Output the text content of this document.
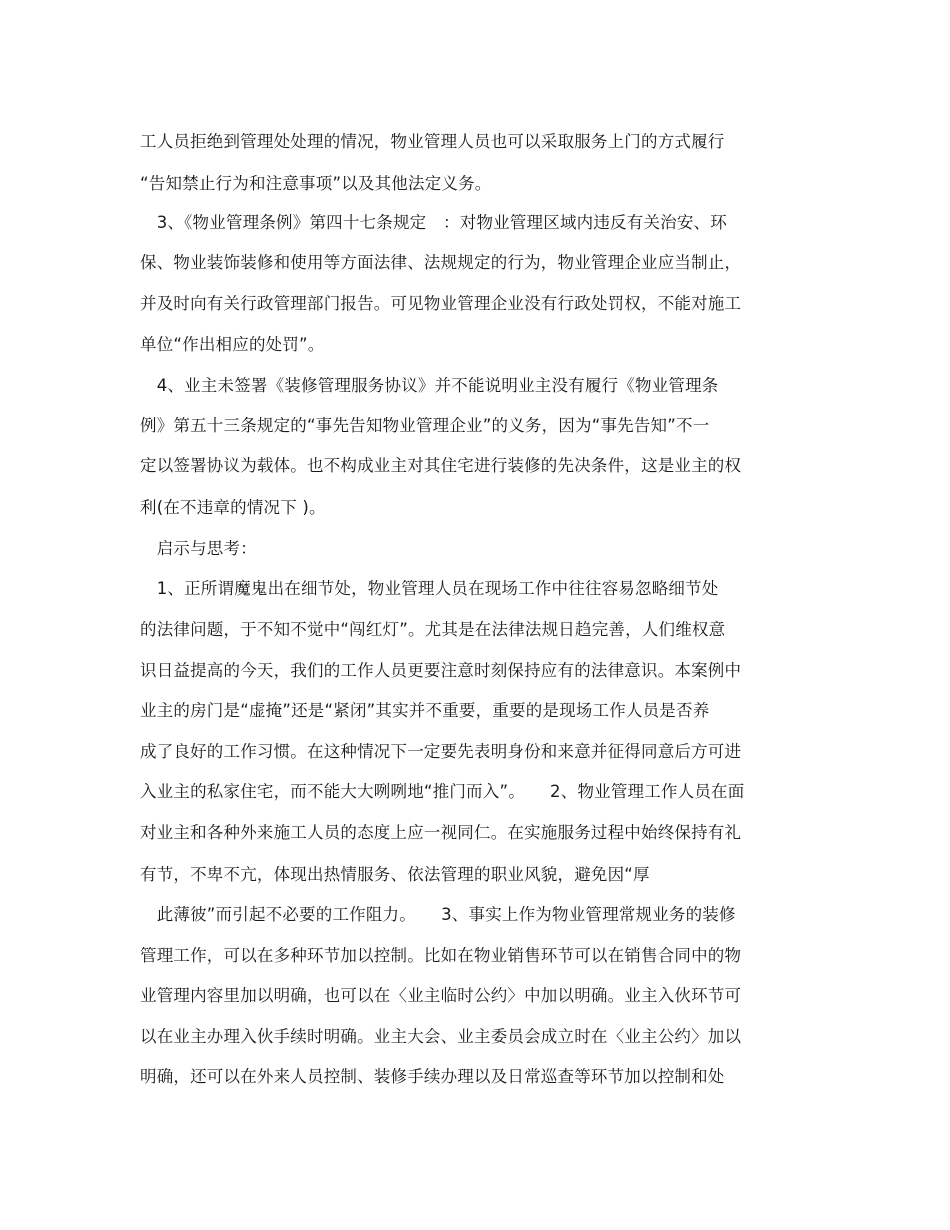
工人员拒绝到管理处处理的情况，物业管理人员也可以采取服务上门的方式履行
“告知禁止行为和注意事项”以及其他法定义务。
　3、《物业管理条例》第四十七条规定　：对物业管理区域内违反有关治安、环
保、物业装饰装修和使用等方面法律、法规规定的行为，物业管理企业应当制止，
并及时向有关行政管理部门报告。可见物业管理企业没有行政处罚权，不能对施工
单位“作出相应的处罚”。
　4、业主未签署《装修管理服务协议》并不能说明业主没有履行《物业管理条
例》第五十三条规定的“事先告知物业管理企业”的义务，因为“事先告知”不一
定以签署协议为载体。也不构成业主对其住宅进行装修的先决条件，这是业主的权
利(在不违章的情况下 )。
　启示与思考：
　1、正所谓魔鬼出在细节处，物业管理人员在现场工作中往往容易忽略细节处
的法律问题，于不知不觉中“闯红灯”。尤其是在法律法规日趋完善，人们维权意
识日益提高的今天，我们的工作人员更要注意时刻保持应有的法律意识。本案例中
业主的房门是“虚掩”还是“紧闭”其实并不重要，重要的是现场工作人员是否养
成了良好的工作习惯。在这种情况下一定要先表明身份和来意并征得同意后方可进
入业主的私家住宅，而不能大大咧咧地“推门而入”。　　2、物业管理工作人员在面
对业主和各种外来施工人员的态度上应一视同仁。在实施服务过程中始终保持有礼
有节，不卑不亢，体现出热情服务、依法管理的职业风貌，避免因“厚
　此薄彼”而引起不必要的工作阻力。　　3、事实上作为物业管理常规业务的装修
管理工作，可以在多种环节加以控制。比如在物业销售环节可以在销售合同中的物
业管理内容里加以明确，也可以在〈业主临时公约〉中加以明确。业主入伙环节可
以在业主办理入伙手续时明确。业主大会、业主委员会成立时在〈业主公约〉加以
明确，还可以在外来人员控制、装修手续办理以及日常巡查等环节加以控制和处
